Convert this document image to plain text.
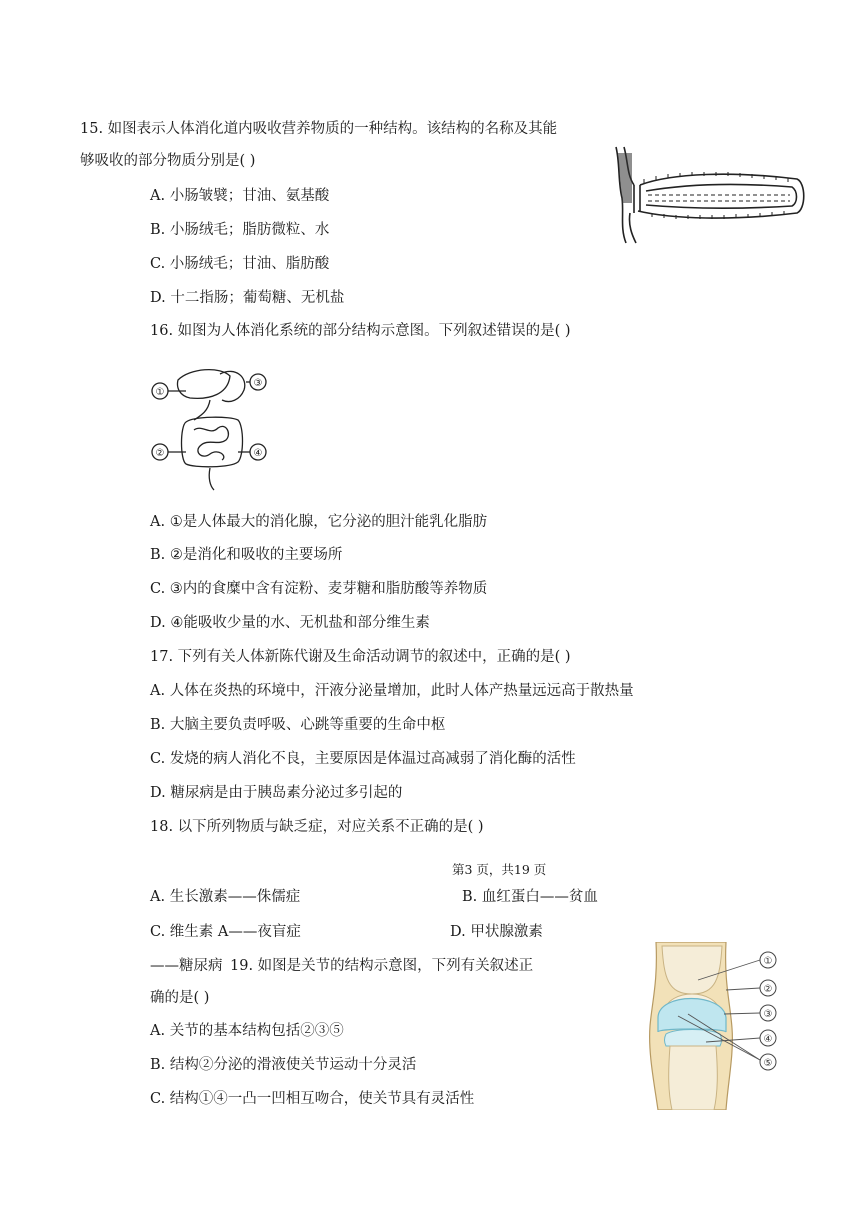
15. 如图表示人体消化道内吸收营养物质的一种结构。该结构的名称及其能
够吸收的部分物质分别是( )
A. 小肠皱襞；甘油、氨基酸
B. 小肠绒毛；脂肪微粒、水
C. 小肠绒毛；甘油、脂肪酸
D. 十二指肠；葡萄糖、无机盐
16. 如图为人体消化系统的部分结构示意图。下列叙述错误的是( )
①
③
②	④
A. ①是人体最大的消化腺，它分泌的胆汁能乳化脂肪
B. ②是消化和吸收的主要场所
C. ③内的食糜中含有淀粉、麦芽糖和脂肪酸等养物质
D. ④能吸收少量的水、无机盐和部分维生素
17. 下列有关人体新陈代谢及生命活动调节的叙述中，正确的是( )
A. 人体在炎热的环境中，汗液分泌量增加，此时人体产热量远远高于散热量
B. 大脑主要负责呼吸、心跳等重要的生命中枢
C. 发烧的病人消化不良，主要原因是体温过高减弱了消化酶的活性
D. 糖尿病是由于胰岛素分泌过多引起的
18. 以下所列物质与缺乏症，对应关系不正确的是( )
第3 页，共19 页
A. 生长激素——侏儒症	B. 血红蛋白——贫血
C. 维生素 A——夜盲症	D. 甲状腺激素
——糖尿病 19. 如图是关节的结构示意图，下列有关叙述正
确的是( )
A. 关节的基本结构包括②③⑤
B. 结构②分泌的滑液使关节运动十分灵活
C. 结构①④一凸一凹相互吻合，使关节具有灵活性
①
②
③
④
⑤
